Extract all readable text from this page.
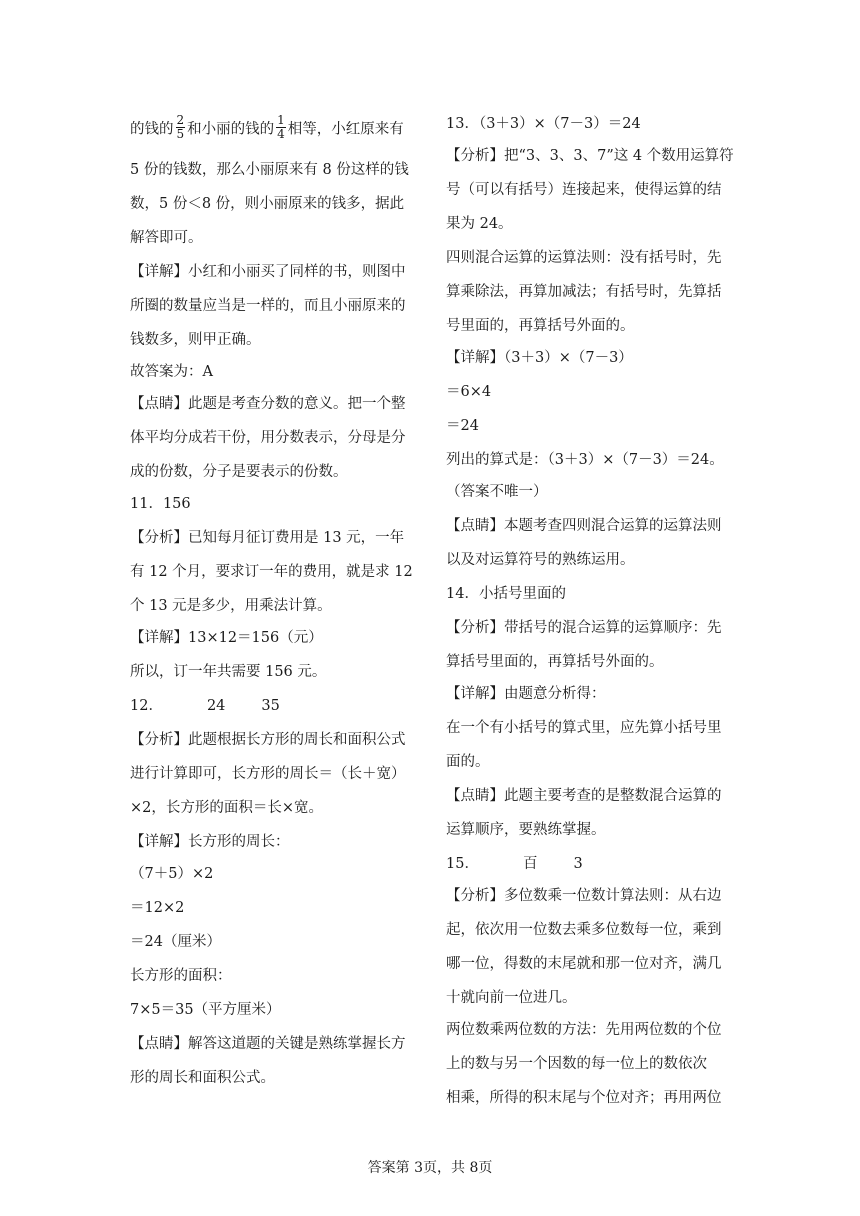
的钱的 $\frac{2}{5}$ 和小丽的钱的 $\frac{1}{4}$ 相等，小红原来有
5 份的钱数，那么小丽原来有 8 份这样的钱
数，5 份＜8 份，则小丽原来的钱多，据此
解答即可。
【详解】小红和小丽买了同样的书，则图中
所圈的数量应当是一样的，而且小丽原来的
钱数多，则甲正确。
故答案为：A
【点睛】此题是考查分数的意义。把一个整
体平均分成若干份，用分数表示，分母是分
成的份数，分子是要表示的份数。
11．156
【分析】已知每月征订费用是 13 元，一年
有 12 个月，要求订一年的费用，就是求 12
个 13 元是多少，用乘法计算。
【详解】13×12＝156（元）
所以，订一年共需要 156 元。
12．	24 35
【分析】此题根据长方形的周长和面积公式
进行计算即可，长方形的周长＝（长＋宽）
×2，长方形的面积＝长×宽。
【详解】长方形的周长：
（7＋5）×2
＝12×2
＝24（厘米）
长方形的面积：
7×5＝35（平方厘米）
【点睛】解答这道题的关键是熟练掌握长方
形的周长和面积公式。
13．（3＋3）×（7－3）＝24
【分析】把“3、3、3、7”这 4 个数用运算符
号（可以有括号）连接起来，使得运算的结
果为 24。
四则混合运算的运算法则：没有括号时，先
算乘除法，再算加减法；有括号时，先算括
号里面的，再算括号外面的。
【详解】（3＋3）×（7－3）
＝6×4
＝24
列出的算式是：（3＋3）×（7－3）＝24。
（答案不唯一）
【点睛】本题考查四则混合运算的运算法则
以及对运算符号的熟练运用。
14．小括号里面的
【分析】带括号的混合运算的运算顺序：先
算括号里面的，再算括号外面的。
【详解】由题意分析得：
在一个有小括号的算式里，应先算小括号里
面的。
【点睛】此题主要考查的是整数混合运算的
运算顺序，要熟练掌握。
15．	百 3
【分析】多位数乘一位数计算法则：从右边
起，依次用一位数去乘多位数每一位，乘到
哪一位，得数的末尾就和那一位对齐，满几
十就向前一位进几。
两位数乘两位数的方法：先用两位数的个位
上的数与另一个因数的每一位上的数依次
相乘，所得的积末尾与个位对齐；再用两位
答案第 3页，共 8页
